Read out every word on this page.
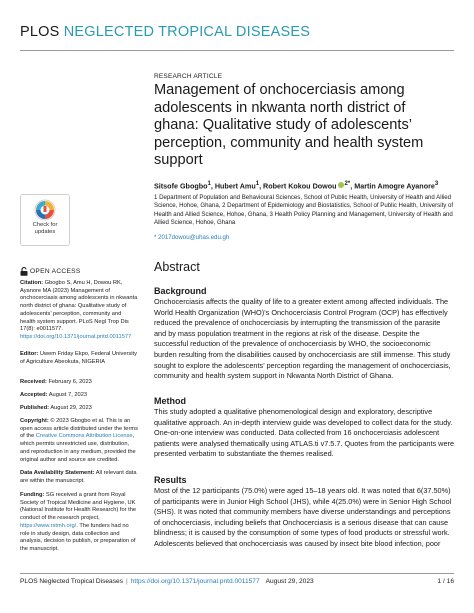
PLOS NEGLECTED TROPICAL DISEASES
RESEARCH ARTICLE
Management of onchocerciasis among adolescents in nkwanta north district of ghana: Qualitative study of adolescents’ perception, community and health system support
Sitsofe Gbogbo$^1$, Hubert Amu$^1$, Robert Kokou Dowou $^{2*}$, Martin Amogre Ayanore$^3$
1 Department of Population and Behavioural Sciences, School of Public Health, University of Health and Allied Science, Hohoe, Ghana, 2 Department of Epidemiology and Biostatistics, School of Public Health, University of Health and Allied Science, Hohoe, Ghana, 3 Health Policy Planning and Management, University of Health and Allied Science, Hohoe, Ghana
* 2017dowou@uhas.edu.gh
Abstract
Background
Onchocerciasis affects the quality of life to a greater extent among affected individuals. The World Health Organization (WHO)’s Onchocerciasis Control Program (OCP) has effectively reduced the prevalence of onchocerciasis by interrupting the transmission of the parasite and by mass population treatment in the regions at risk of the disease. Despite the successful reduction of the prevalence of onchocerciasis by WHO, the socioeconomic burden resulting from the disabilities caused by onchocerciasis are still immense. This study sought to explore the adolescents’ perception regarding the management of onchocerciasis, community and health system support in Nkwanta North District of Ghana.
Method
This study adopted a qualitative phenomenological design and exploratory, descriptive qualitative approach. An in-depth interview guide was developed to collect data for the study. One-on-one interview was conducted. Data collected from 16 onchocerciasis adolescent patients were analysed thematically using ATLAS.ti v7.5.7. Quotes from the participants were presented verbatim to substantiate the themes realised.
Results
Most of the 12 participants (75.0%) were aged 15–18 years old. It was noted that 6(37.50%) of participants were in Junior High School (JHS), while 4(25.0%) were in Senior High School (SHS). It was noted that community members have diverse understandings and perceptions of onchocerciasis, including beliefs that Onchocerciasis is a serious disease that can cause blindness; it is caused by the consumption of some types of food products or stressful work. Adolescents believed that onchocerciasis was caused by insect bite blood infection, poor
Check for
updates
OPEN ACCESS
Citation: Gbogbo S, Amu H, Dowou RK, Ayanore MA (2023) Management of onchocerciasis among adolescents in nkwanta north district of ghana: Qualitative study of adolescents’ perception, community and health system support. PLoS Negl Trop Dis 17(8): e0011577. https://doi.org/10.1371/journal.pntd.0011577
Editor: Uwem Friday Ekpo, Federal University of Agriculture Abeokuta, NIGERIA
Received: February 6, 2023
Accepted: August 7, 2023
Published: August 29, 2023
Copyright: © 2023 Gbogbo et al. This is an open access article distributed under the terms of the Creative Commons Attribution License, which permits unrestricted use, distribution, and reproduction in any medium, provided the original author and source are credited.
Data Availability Statement: All relevant data are within the manuscript.
Funding: SG received a grant from Royal Society of Tropical Medicine and Hygiene, UK (National Institute for Health Research) for the conduct of the research project, https://www.rstmh.org/. The funders had no role in study design, data collection and analysis, decision to publish, or preparation of the manuscript.
PLOS Neglected Tropical Diseases | https://doi.org/10.1371/journal.pntd.0011577 August 29, 2023	1 / 16
